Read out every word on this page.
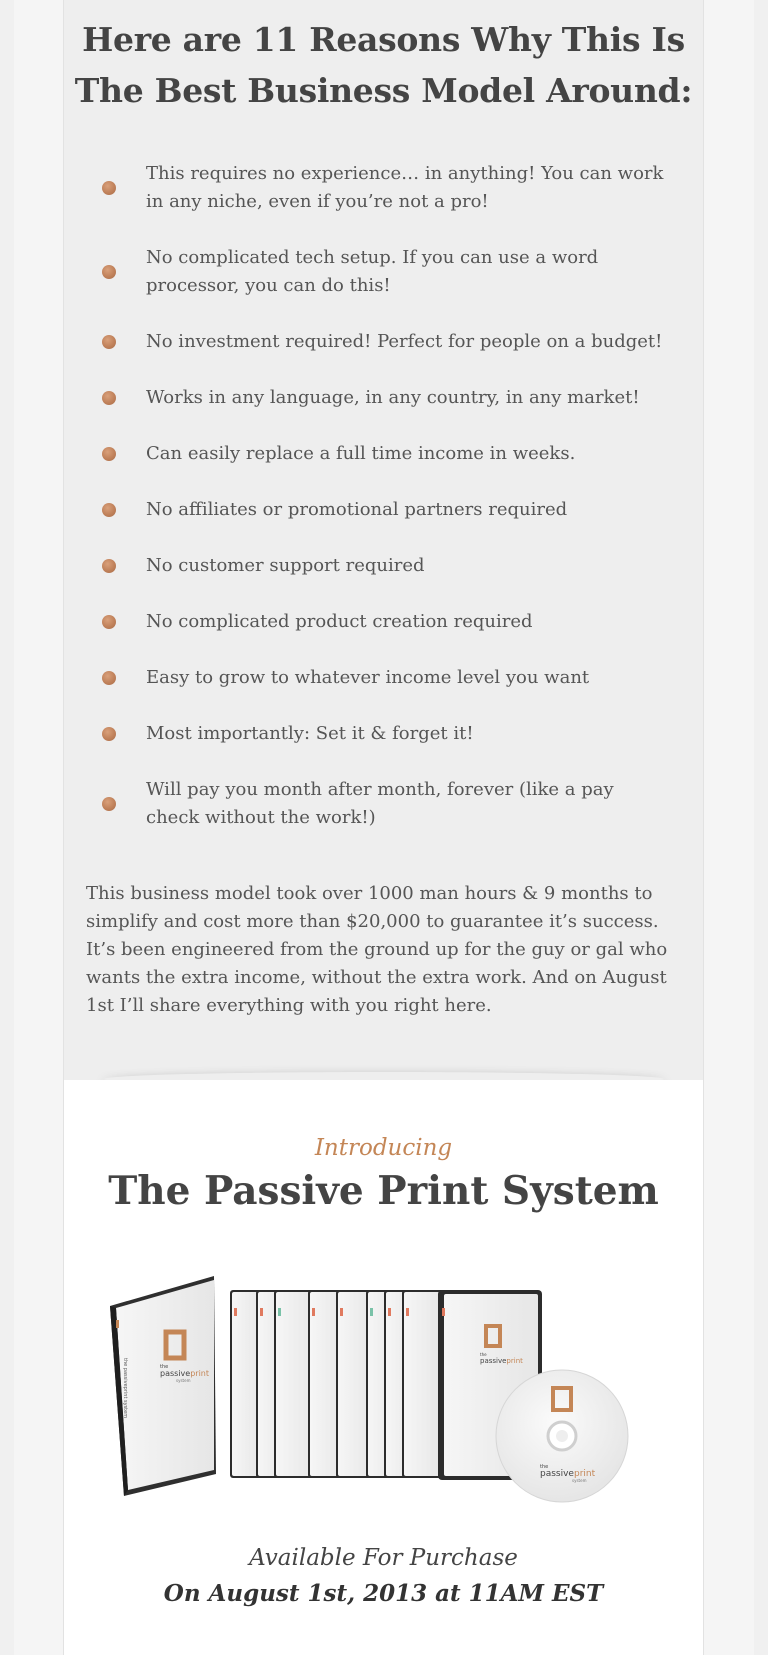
Here are 11 Reasons Why This Is
The Best Business Model Around:
This requires no experience… in anything! You can work in any niche, even if you’re not a pro!
No complicated tech setup. If you can use a word processor, you can do this!
No investment required! Perfect for people on a budget!
Works in any language, in any country, in any market!
Can easily replace a full time income in weeks.
No affiliates or promotional partners required
No customer support required
No complicated product creation required
Easy to grow to whatever income level you want
Most importantly: Set it & forget it!
Will pay you month after month, forever (like a pay check without the work!)

This business model took over 1000 man hours & 9 months to simplify and cost more than $20,000 to guarantee it’s success. It’s been engineered from the ground up for the guy or gal who wants the extra income, without the extra work. And on August 1st I’ll share everything with you right here.

Introducing
The Passive Print System
the
passiveprint
system
the passiveprint system
the
passiveprint
the
passiveprint
system
Available For Purchase
On August 1st, 2013 at 11AM EST
